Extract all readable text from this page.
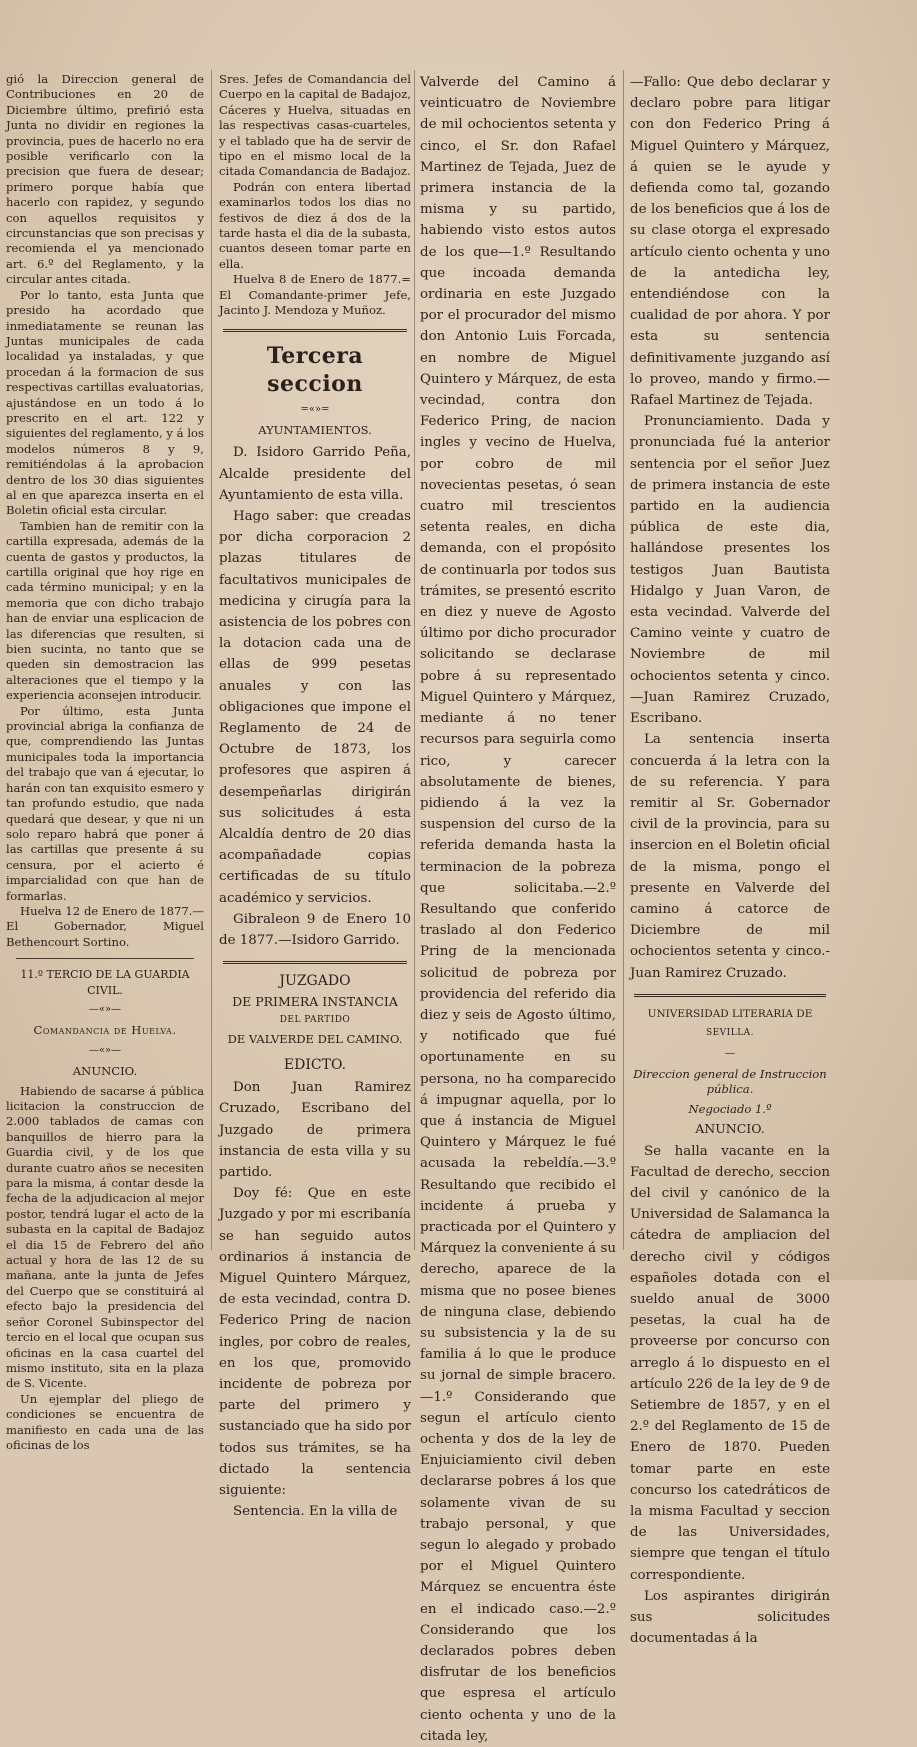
gió la Direccion general de Contribuciones en 20 de Diciembre último, prefirió esta Junta no dividir en regiones la provincia, pues de hacerlo no era posible verificarlo con la precision que fuera de desear; primero porque había que hacerlo con rapidez, y segundo con aquellos requisitos y circunstancias que son precisas y recomienda el ya mencionado art. 6.º del Reglamento, y la circular antes citada.

Por lo tanto, esta Junta que presido ha acordado que inmediatamente se reunan las Juntas municipales de cada localidad ya instaladas, y que procedan á la formacion de sus respectivas cartillas evaluatorias, ajustándose en un todo á lo prescrito en el art. 122 y siguientes del reglamento, y á los modelos números 8 y 9, remitiéndolas á la aprobacion dentro de los 30 dias siguientes al en que aparezca inserta en el Boletin oficial esta circular.

Tambien han de remitir con la cartilla expresada, además de la cuenta de gastos y productos, la cartilla original que hoy rige en cada término municipal; y en la memoria que con dicho trabajo han de enviar una esplicacion de las diferencias que resulten, si bien sucinta, no tanto que se queden sin demostracion las alteraciones que el tiempo y la experiencia aconsejen introducir.

Por último, esta Junta provincial abriga la confianza de que, comprendiendo las Juntas municipales toda la importancia del trabajo que van á ejecutar, lo harán con tan exquisito esmero y tan profundo estudio, que nada quedará que desear, y que ni un solo reparo habrá que poner á las cartillas que presente á su censura, por el acierto é imparcialidad con que han de formarlas.

Huelva 12 de Enero de 1877.— El Gobernador, Miguel Bethencourt Sortino.

11.º TERCIO DE LA GUARDIA CIVIL.
—«»—
Comandancia de Huelva.
—«»—
ANUNCIO.

Habiendo de sacarse á pública licitacion la construccion de 2.000 tablados de camas con banquillos de hierro para la Guardia civil, y de los que durante cuatro años se necesiten para la misma, á contar desde la fecha de la adjudicacion al mejor postor, tendrá lugar el acto de la subasta en la capital de Badajoz el dia 15 de Febrero del año actual y hora de las 12 de su mañana, ante la junta de Jefes del Cuerpo que se constituirá al efecto bajo la presidencia del señor Coronel Subinspector del tercio en el local que ocupan sus oficinas en la casa cuartel del mismo instituto, sita en la plaza de S. Vicente.

Un ejemplar del pliego de condiciones se encuentra de manifiesto en cada una de las oficinas de los

Sres. Jefes de Comandancia del Cuerpo en la capital de Badajoz, Cáceres y Huelva, situadas en las respectivas casas-cuarteles, y el tablado que ha de servir de tipo en el mismo local de la citada Comandancia de Badajoz.

Podrán con entera libertad examinarlos todos los dias no festivos de diez á dos de la tarde hasta el dia de la subasta, cuantos deseen tomar parte en ella.

Huelva 8 de Enero de 1877.= El Comandante-primer Jefe, Jacinto J. Mendoza y Muñoz.

Tercera seccion
=«»=
AYUNTAMIENTOS.

D. Isidoro Garrido Peña, Alcalde presidente del Ayuntamiento de esta villa.

Hago saber: que creadas por dicha corporacion 2 plazas titulares de facultativos municipales de medicina y cirugía para la asistencia de los pobres con la dotacion cada una de ellas de 999 pesetas anuales y con las obligaciones que impone el Reglamento de 24 de Octubre de 1873, los profesores que aspiren á desempeñarlas dirigirán sus solicitudes á esta Alcaldía dentro de 20 dias acompañadade copias certificadas de su título académico y servicios.

Gibraleon 9 de Enero 10 de 1877.—Isidoro Garrido.

JUZGADO
DE PRIMERA INSTANCIA
DEL PARTIDO
DE VALVERDE DEL CAMINO.
EDICTO.

Don Juan Ramirez Cruzado, Escribano del Juzgado de primera instancia de esta villa y su partido.

Doy fé: Que en este Juzgado y por mi escribanía se han seguido autos ordinarios á instancia de Miguel Quintero Márquez, de esta vecindad, contra D. Federico Pring de nacion ingles, por cobro de reales, en los que, promovido incidente de pobreza por parte del primero y sustanciado que ha sido por todos sus trámites, se ha dictado la sentencia siguiente:

Sentencia. En la villa de

Valverde del Camino á veinticuatro de Noviembre de mil ochocientos setenta y cinco, el Sr. don Rafael Martinez de Tejada, Juez de primera instancia de la misma y su partido, habiendo visto estos autos de los que—1.º Resultando que incoada demanda ordinaria en este Juzgado por el procurador del mismo don Antonio Luis Forcada, en nombre de Miguel Quintero y Márquez, de esta vecindad, contra don Federico Pring, de nacion ingles y vecino de Huelva, por cobro de mil novecientas pesetas, ó sean cuatro mil trescientos setenta reales, en dicha demanda, con el propósito de continuarla por todos sus trámites, se presentó escrito en diez y nueve de Agosto último por dicho procurador solicitando se declarase pobre á su representado Miguel Quintero y Márquez, mediante á no tener recursos para seguirla como rico, y carecer absolutamente de bienes, pidiendo á la vez la suspension del curso de la referida demanda hasta la terminacion de la pobreza que solicitaba.—2.º Resultando que conferido traslado al don Federico Pring de la mencionada solicitud de pobreza por providencia del referido dia diez y seis de Agosto último, y notificado que fué oportunamente en su persona, no ha comparecido á impugnar aquella, por lo que á instancia de Miguel Quintero y Márquez le fué acusada la rebeldía.—3.º Resultando que recibido el incidente á prueba y practicada por el Quintero y Márquez la conveniente á su derecho, aparece de la misma que no posee bienes de ninguna clase, debiendo su subsistencia y la de su familia á lo que le produce su jornal de simple bracero.—1.º Considerando que segun el artículo ciento ochenta y dos de la ley de Enjuiciamiento civil deben declararse pobres á los que solamente vivan de su trabajo personal, y que segun lo alegado y probado por el Miguel Quintero Márquez se encuentra éste en el indicado caso.—2.º Considerando que los declarados pobres deben disfrutar de los beneficios que espresa el artículo ciento ochenta y uno de la citada ley,

—Fallo: Que debo declarar y declaro pobre para litigar con don Federico Pring á Miguel Quintero y Márquez, á quien se le ayude y defienda como tal, gozando de los beneficios que á los de su clase otorga el expresado artículo ciento ochenta y uno de la antedicha ley, entendiéndose con la cualidad de por ahora. Y por esta su sentencia definitivamente juzgando así lo proveo, mando y firmo.—Rafael Martinez de Tejada.

Pronunciamiento. Dada y pronunciada fué la anterior sentencia por el señor Juez de primera instancia de este partido en la audiencia pública de este dia, hallándose presentes los testigos Juan Bautista Hidalgo y Juan Varon, de esta vecindad. Valverde del Camino veinte y cuatro de Noviembre de mil ochocientos setenta y cinco.—Juan Ramirez Cruzado, Escribano.

La sentencia inserta concuerda á la letra con la de su referencia. Y para remitir al Sr. Gobernador civil de la provincia, para su insercion en el Boletin oficial de la misma, pongo el presente en Valverde del camino á catorce de Diciembre de mil ochocientos setenta y cinco.-Juan Ramirez Cruzado.

UNIVERSIDAD LITERARIA DE
SEVILLA.
—
Direccion general de Instruccion pública.
Negociado 1.º
ANUNCIO.

Se halla vacante en la Facultad de derecho, seccion del civil y canónico de la Universidad de Salamanca la cátedra de ampliacion del derecho civil y códigos españoles dotada con el sueldo anual de 3000 pesetas, la cual ha de proveerse por concurso con arreglo á lo dispuesto en el artículo 226 de la ley de 9 de Setiembre de 1857, y en el 2.º del Reglamento de 15 de Enero de 1870. Pueden tomar parte en este concurso los catedráticos de la misma Facultad y seccion de las Universidades, siempre que tengan el título correspondiente.

Los aspirantes dirigirán sus solicitudes documentadas á la
